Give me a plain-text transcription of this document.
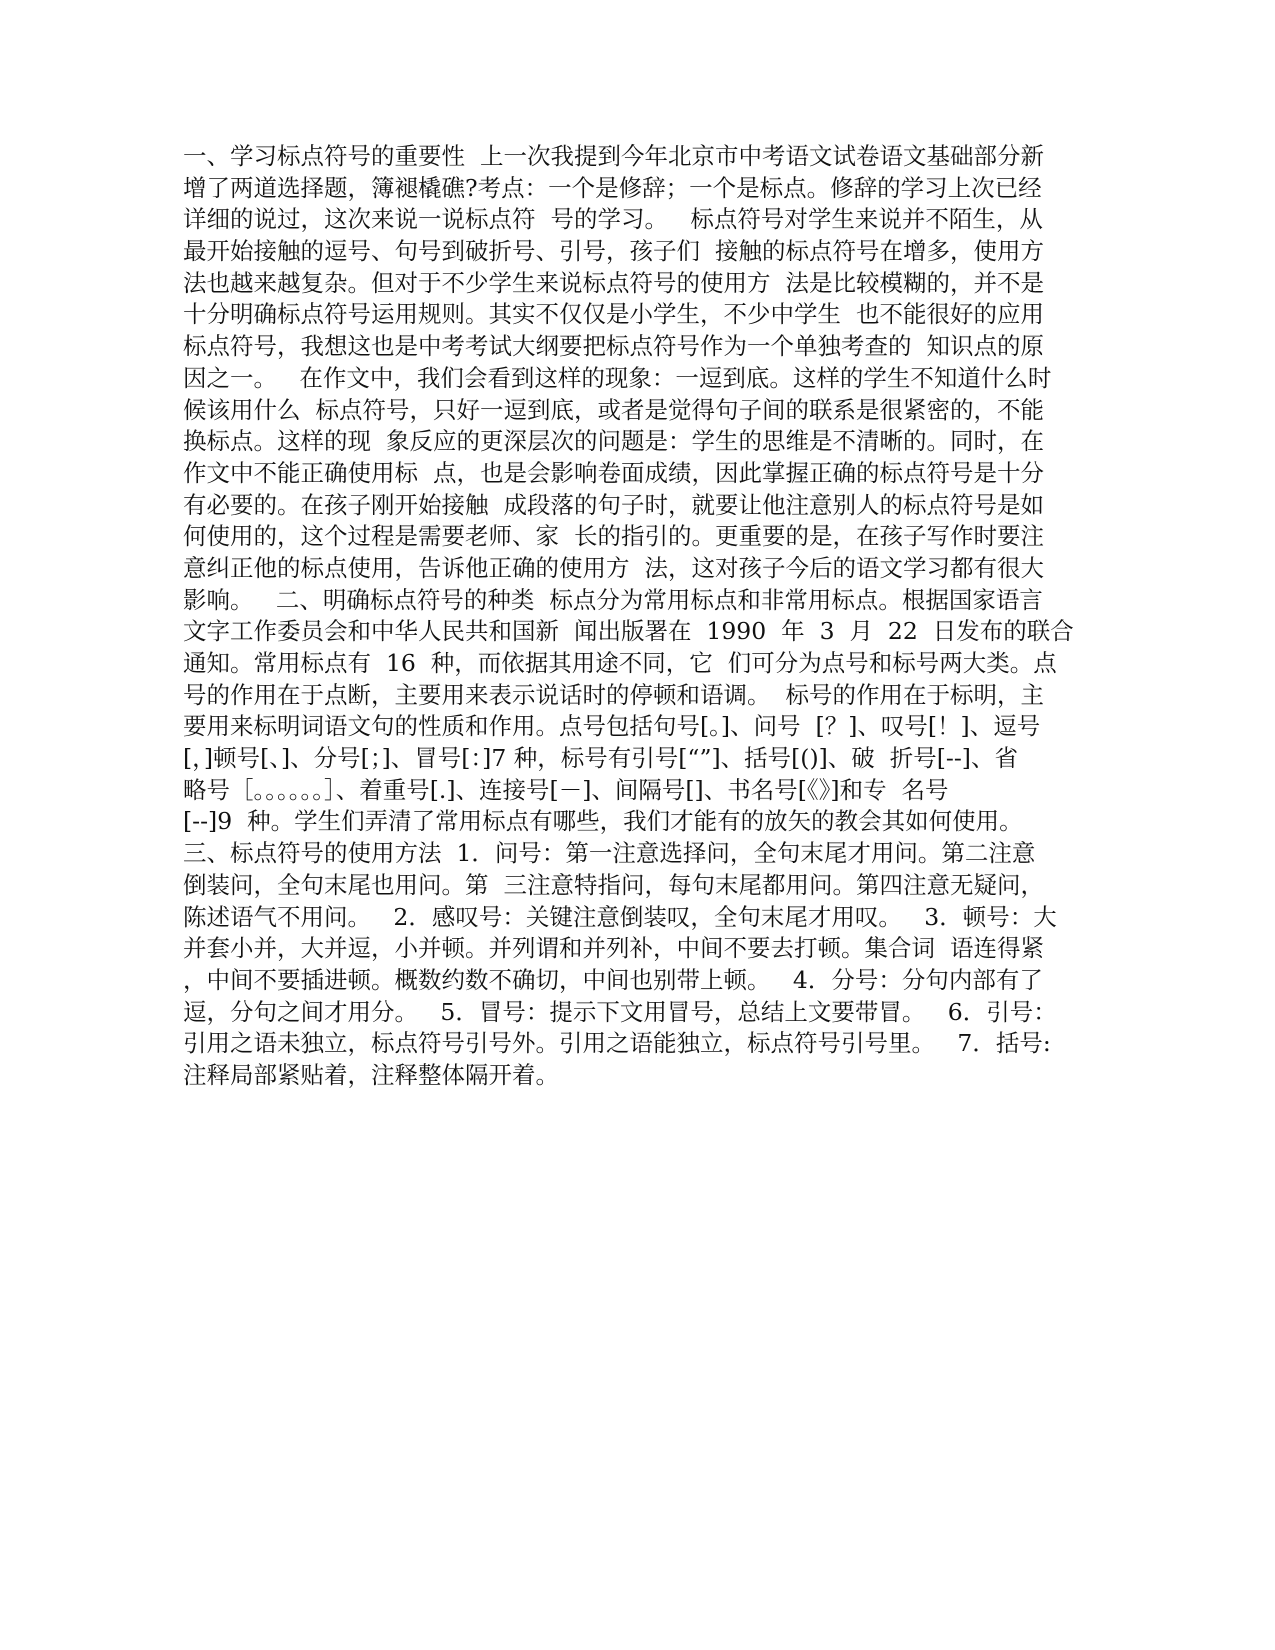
一、学习标点符号的重要性  上一次我提到今年北京市中考语文试卷语文基础部分新
增了两道选择题，簿褪橇礁?考点：一个是修辞；一个是标点。修辞的学习上次已经
详细的说过，这次来说一说标点符  号的学习。   标点符号对学生来说并不陌生，从
最开始接触的逗号、句号到破折号、引号，孩子们  接触的标点符号在增多，使用方
法也越来越复杂。但对于不少学生来说标点符号的使用方  法是比较模糊的，并不是
十分明确标点符号运用规则。其实不仅仅是小学生，不少中学生  也不能很好的应用
标点符号，我想这也是中考考试大纲要把标点符号作为一个单独考查的  知识点的原
因之一。   在作文中，我们会看到这样的现象：一逗到底。这样的学生不知道什么时
候该用什么  标点符号，只好一逗到底，或者是觉得句子间的联系是很紧密的，不能
换标点。这样的现  象反应的更深层次的问题是：学生的思维是不清晰的。同时，在
作文中不能正确使用标  点，也是会影响卷面成绩，因此掌握正确的标点符号是十分
有必要的。在孩子刚开始接触  成段落的句子时，就要让他注意别人的标点符号是如
何使用的，这个过程是需要老师、家  长的指引的。更重要的是，在孩子写作时要注
意纠正他的标点使用，告诉他正确的使用方  法，这对孩子今后的语文学习都有很大
影响。   二、明确标点符号的种类  标点分为常用标点和非常用标点。根据国家语言
文字工作委员会和中华人民共和国新  闻出版署在  1990  年  3  月  22  日发布的联合
通知。常用标点有  16  种，而依据其用途不同，它  们可分为点号和标号两大类。点
号的作用在于点断，主要用来表示说话时的停顿和语调。  标号的作用在于标明，主
要用来标明词语文句的性质和作用。点号包括句号[。]、问号  [？]、叹号[！]、逗号
[，]顿号[、]、分号[；]、冒号[：]7 种，标号有引号[“”]、括号[()]、破  折号[--]、省
略号［。。。。。。］、着重号[.]、连接号[－]、间隔号[]、书名号[《》]和专  名号
[--]9  种。学生们弄清了常用标点有哪些，我们才能有的放矢的教会其如何使用。
三、标点符号的使用方法  1．问号：第一注意选择问，全句末尾才用问。第二注意
倒装问，全句末尾也用问。第  三注意特指问，每句末尾都用问。第四注意无疑问，
陈述语气不用问。   2．感叹号：关键注意倒装叹，全句末尾才用叹。   3．顿号：大
并套小并，大并逗，小并顿。并列谓和并列补，中间不要去打顿。集合词  语连得紧
，中间不要插进顿。概数约数不确切，中间也别带上顿。   4．分号：分句内部有了
逗，分句之间才用分。   5．冒号：提示下文用冒号，总结上文要带冒。   6．引号：
引用之语未独立，标点符号引号外。引用之语能独立，标点符号引号里。   7．括号:
注释局部紧贴着，注释整体隔开着。
